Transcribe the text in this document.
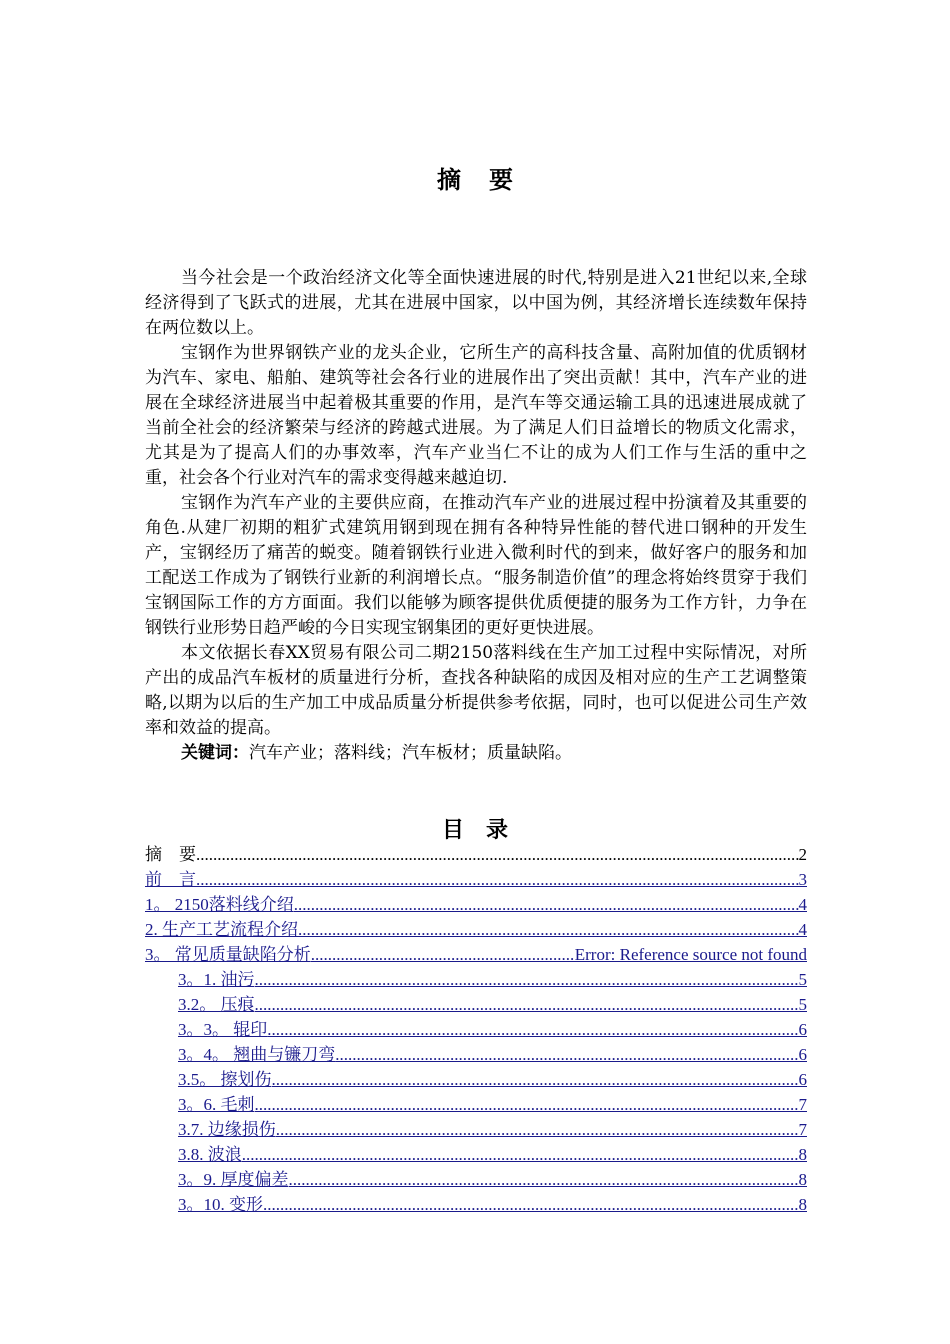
摘要

当今社会是一个政治经济文化等全面快速进展的时代,特别是进入21世纪以来,全球经济得到了飞跃式的进展，尤其在进展中国家，以中国为例，其经济增长连续数年保持在两位数以上。

宝钢作为世界钢铁产业的龙头企业，它所生产的高科技含量、高附加值的优质钢材为汽车、家电、船舶、建筑等社会各行业的进展作出了突出贡献！其中，汽车产业的进展在全球经济进展当中起着极其重要的作用，是汽车等交通运输工具的迅速进展成就了当前全社会的经济繁荣与经济的跨越式进展。为了满足人们日益增长的物质文化需求，尤其是为了提高人们的办事效率，汽车产业当仁不让的成为人们工作与生活的重中之重，社会各个行业对汽车的需求变得越来越迫切.

宝钢作为汽车产业的主要供应商，在推动汽车产业的进展过程中扮演着及其重要的角色.从建厂初期的粗犷式建筑用钢到现在拥有各种特异性能的替代进口钢种的开发生产，宝钢经历了痛苦的蜕变。随着钢铁行业进入微利时代的到来，做好客户的服务和加工配送工作成为了钢铁行业新的利润增长点。“服务制造价值”的理念将始终贯穿于我们宝钢国际工作的方方面面。我们以能够为顾客提供优质便捷的服务为工作方针，力争在钢铁行业形势日趋严峻的今日实现宝钢集团的更好更快进展。

本文依据长春XX贸易有限公司二期2150落料线在生产加工过程中实际情况，对所产出的成品汽车板材的质量进行分析，查找各种缺陷的成因及相对应的生产工艺调整策略,以期为以后的生产加工中成品质量分析提供参考依据，同时，也可以促进公司生产效率和效益的提高。

关键词：汽车产业；落料线；汽车板材；质量缺陷。

目录
摘　要 .....	2
前　言 .....	3
1。 2150落料线介绍 .....	4
2. 生产工艺流程介绍 .....	4
3。 常见质量缺陷分析 .....	Error: Reference source not found
3。1. 油污 .....	5
3.2。 压痕 .....	5
3。3。 辊印 .....	6
3。4。 翘曲与镰刀弯 .....	6
3.5。 擦划伤 .....	6
3。6. 毛刺 .....	7
3.7. 边缘损伤 .....	7
3.8. 波浪 .....	8
3。9. 厚度偏差 .....	8
3。10. 变形 .....	8
